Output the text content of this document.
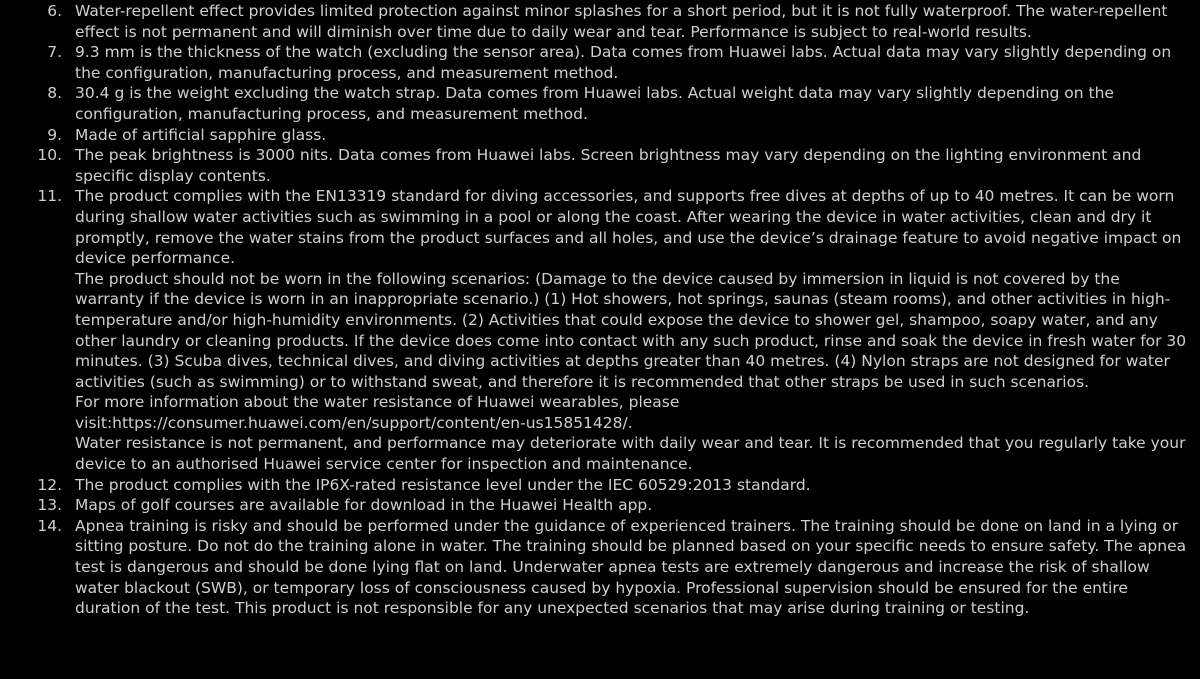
6. Water-repellent effect provides limited protection against minor splashes for a short period, but it is not fully waterproof. The water-repellent effect is not permanent and will diminish over time due to daily wear and tear. Performance is subject to real-world results.
7. 9.3 mm is the thickness of the watch (excluding the sensor area). Data comes from Huawei labs. Actual data may vary slightly depending on the configuration, manufacturing process, and measurement method.
8. 30.4 g is the weight excluding the watch strap. Data comes from Huawei labs. Actual weight data may vary slightly depending on the configuration, manufacturing process, and measurement method.
9. Made of artificial sapphire glass.
10. The peak brightness is 3000 nits. Data comes from Huawei labs. Screen brightness may vary depending on the lighting environment and specific display contents.
11. The product complies with the EN13319 standard for diving accessories, and supports free dives at depths of up to 40 metres. It can be worn during shallow water activities such as swimming in a pool or along the coast. After wearing the device in water activities, clean and dry it promptly, remove the water stains from the product surfaces and all holes, and use the device’s drainage feature to avoid negative impact on device performance.
The product should not be worn in the following scenarios: (Damage to the device caused by immersion in liquid is not covered by the warranty if the device is worn in an inappropriate scenario.) (1) Hot showers, hot springs, saunas (steam rooms), and other activities in high-temperature and/or high-humidity environments. (2) Activities that could expose the device to shower gel, shampoo, soapy water, and any other laundry or cleaning products. If the device does come into contact with any such product, rinse and soak the device in fresh water for 30 minutes. (3) Scuba dives, technical dives, and diving activities at depths greater than 40 metres. (4) Nylon straps are not designed for water activities (such as swimming) or to withstand sweat, and therefore it is recommended that other straps be used in such scenarios.
For more information about the water resistance of Huawei wearables, please
visit:https://consumer.huawei.com/en/support/content/en-us15851428/.
Water resistance is not permanent, and performance may deteriorate with daily wear and tear. It is recommended that you regularly take your device to an authorised Huawei service center for inspection and maintenance.
12. The product complies with the IP6X-rated resistance level under the IEC 60529:2013 standard.
13. Maps of golf courses are available for download in the Huawei Health app.
14. Apnea training is risky and should be performed under the guidance of experienced trainers. The training should be done on land in a lying or sitting posture. Do not do the training alone in water. The training should be planned based on your specific needs to ensure safety. The apnea test is dangerous and should be done lying flat on land. Underwater apnea tests are extremely dangerous and increase the risk of shallow water blackout (SWB), or temporary loss of consciousness caused by hypoxia. Professional supervision should be ensured for the entire duration of the test. This product is not responsible for any unexpected scenarios that may arise during training or testing.
